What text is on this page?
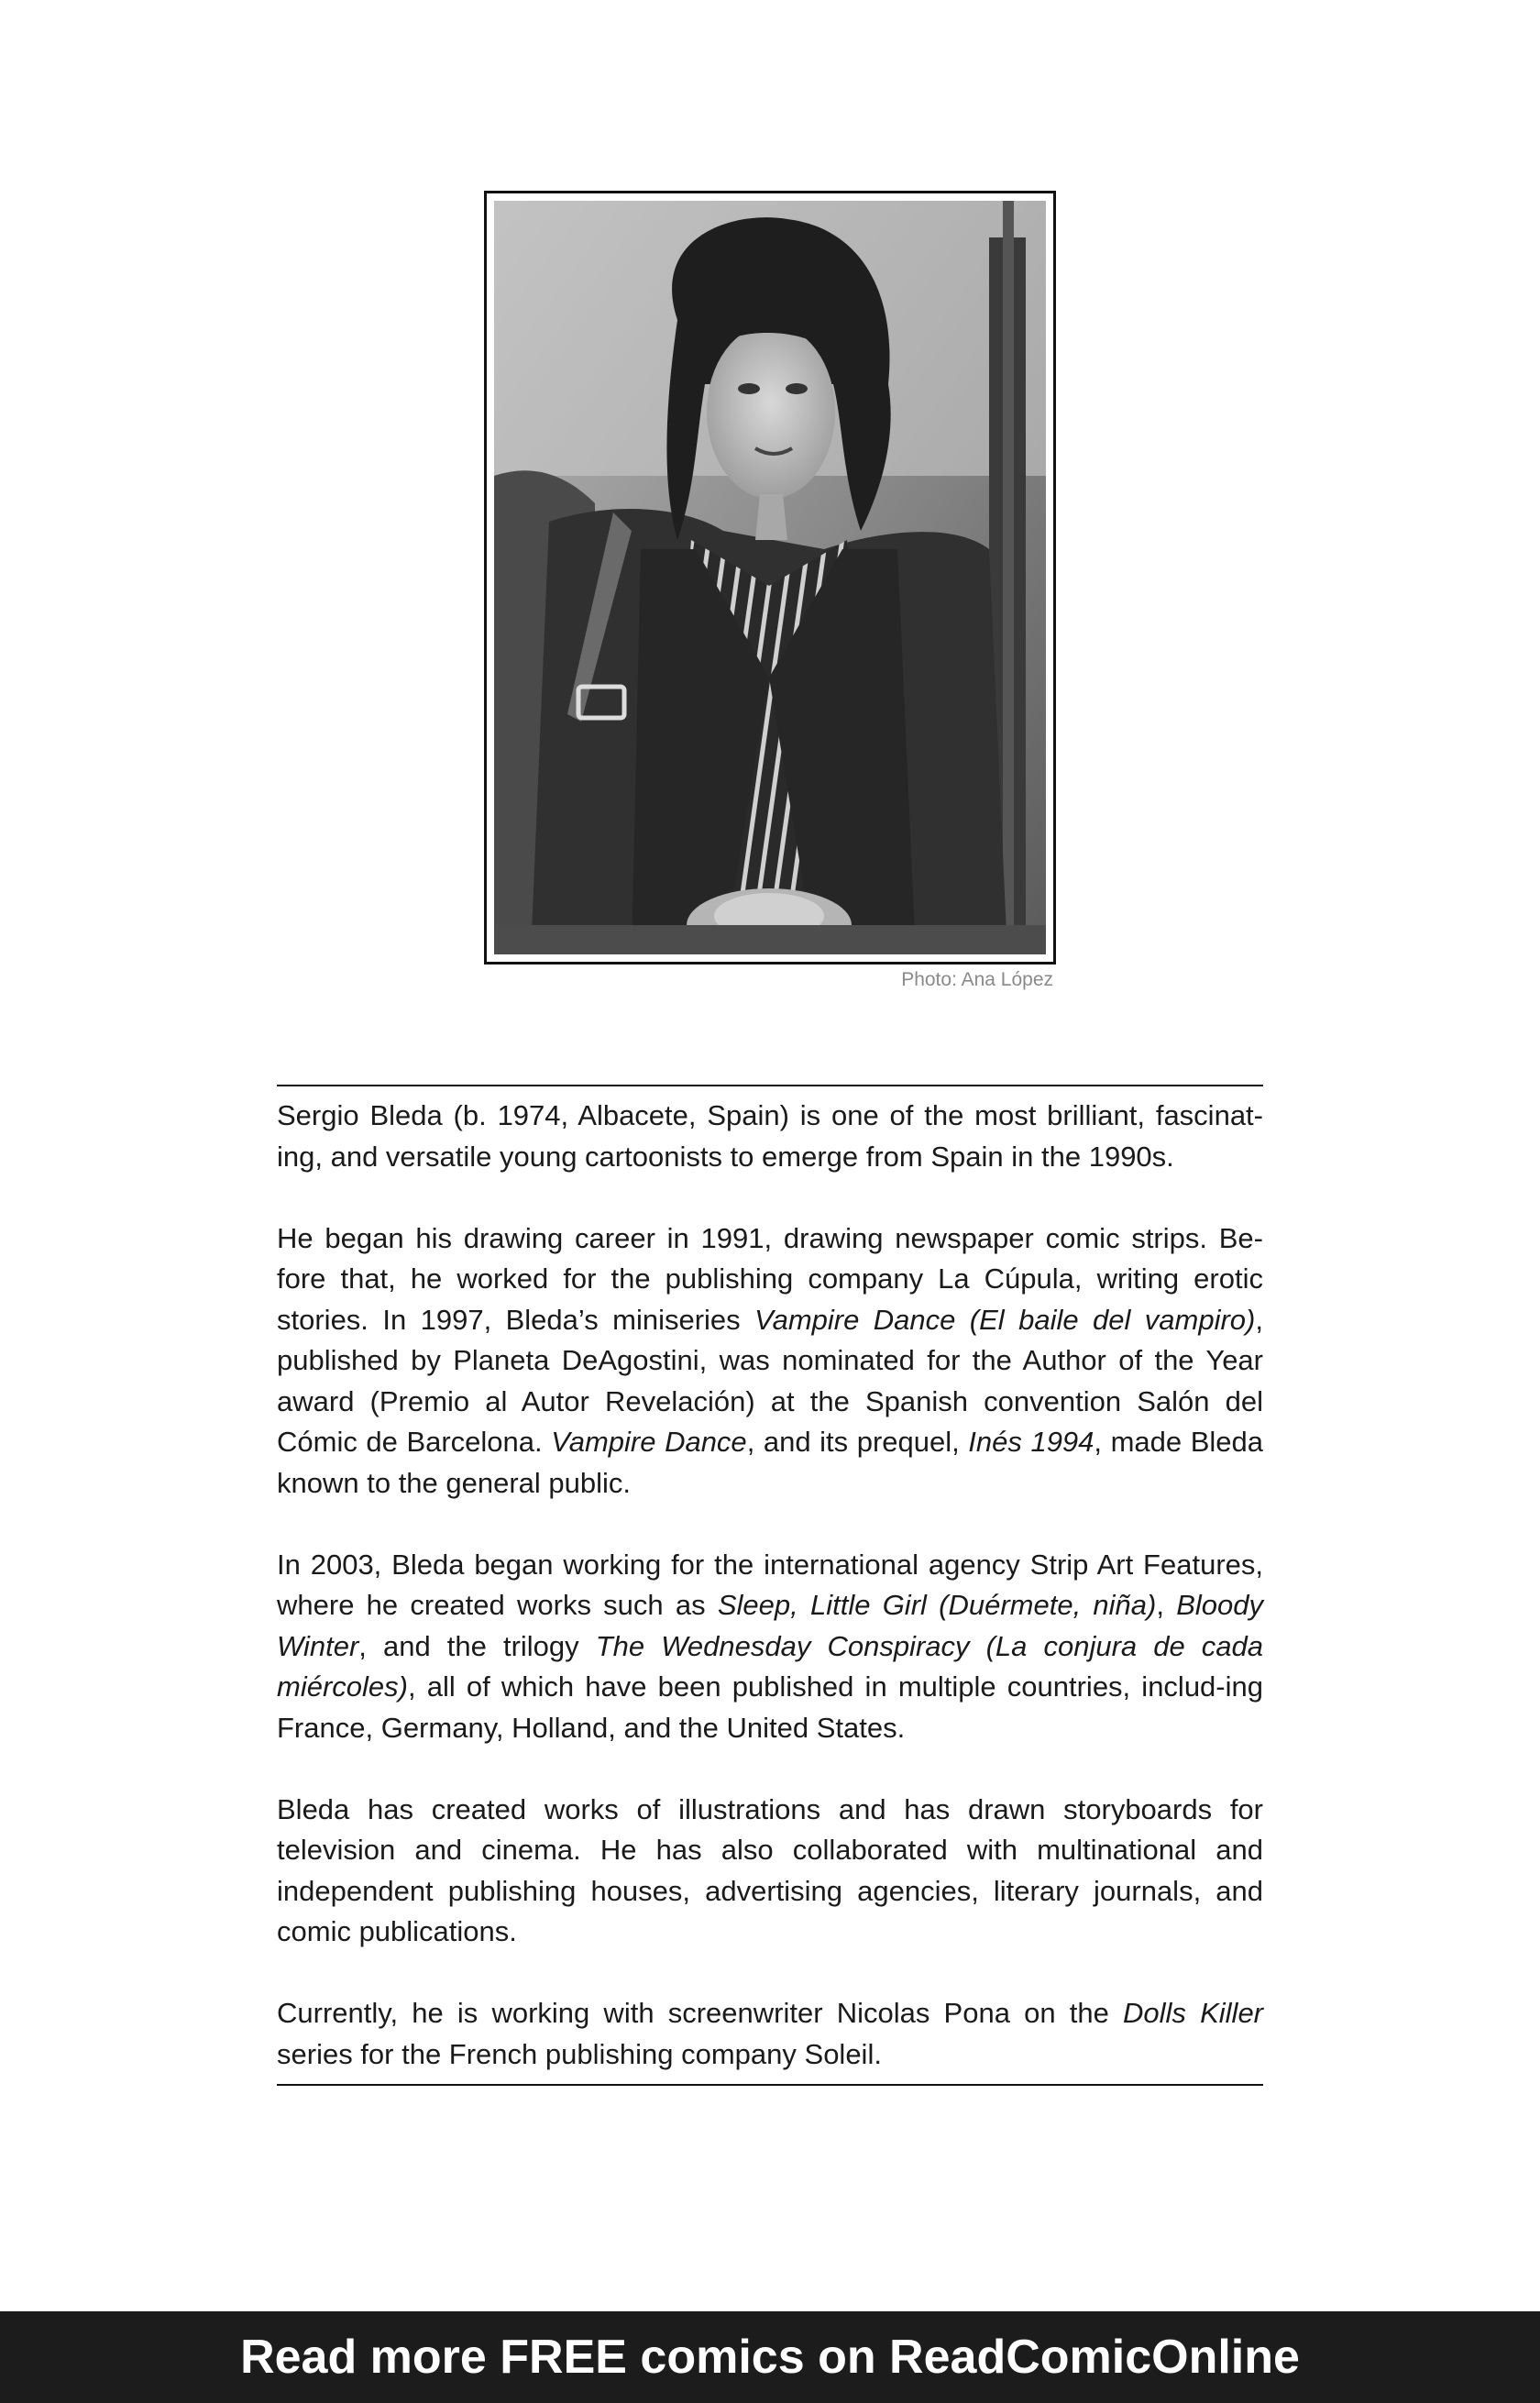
Photo: Ana López

Sergio Bleda (b. 1974, Albacete, Spain) is one of the most brilliant, fascinat-ing, and versatile young cartoonists to emerge from Spain in the 1990s.

He began his drawing career in 1991, drawing newspaper comic strips. Be-fore that, he worked for the publishing company La Cúpula, writing erotic stories. In 1997, Bleda’s miniseries Vampire Dance (El baile del vampiro), published by Planeta DeAgostini, was nominated for the Author of the Year award (Premio al Autor Revelación) at the Spanish convention Salón del Cómic de Barcelona. Vampire Dance, and its prequel, Inés 1994, made Bleda known to the general public.

In 2003, Bleda began working for the international agency Strip Art Features, where he created works such as Sleep, Little Girl (Duérmete, niña), Bloody Winter, and the trilogy The Wednesday Conspiracy (La conjura de cada miércoles), all of which have been published in multiple countries, includ-ing France, Germany, Holland, and the United States.

Bleda has created works of illustrations and has drawn storyboards for television and cinema. He has also collaborated with multinational and independent publishing houses, advertising agencies, literary journals, and comic publications.

Currently, he is working with screenwriter Nicolas Pona on the Dolls Killer series for the French publishing company Soleil.

Read more FREE comics on ReadComicOnline
